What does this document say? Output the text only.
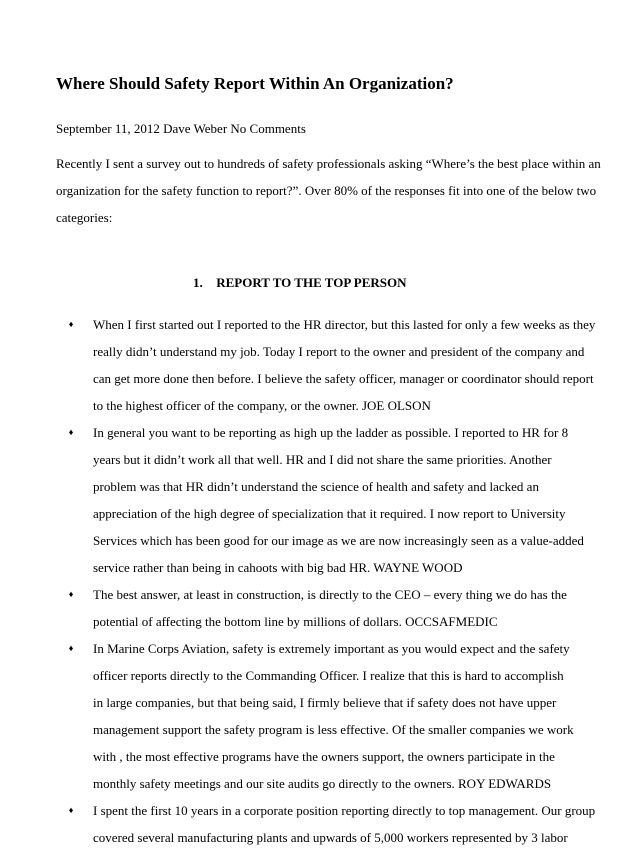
Where Should Safety Report Within An Organization?
September 11, 2012 Dave Weber No Comments
Recently I sent a survey out to hundreds of safety professionals asking “Where’s the best place within an
organization for the safety function to report?”. Over 80% of the responses fit into one of the below two
categories:
1. REPORT TO THE TOP PERSON
♦ When I first started out I reported to the HR director, but this lasted for only a few weeks as they
really didn’t understand my job. Today I report to the owner and president of the company and
can get more done then before. I believe the safety officer, manager or coordinator should report
to the highest officer of the company, or the owner. JOE OLSON
♦ In general you want to be reporting as high up the ladder as possible. I reported to HR for 8
years but it didn’t work all that well. HR and I did not share the same priorities. Another
problem was that HR didn’t understand the science of health and safety and lacked an
appreciation of the high degree of specialization that it required. I now report to University
Services which has been good for our image as we are now increasingly seen as a value-added
service rather than being in cahoots with big bad HR. WAYNE WOOD
♦ The best answer, at least in construction, is directly to the CEO – every thing we do has the
potential of affecting the bottom line by millions of dollars. OCCSAFMEDIC
♦ In Marine Corps Aviation, safety is extremely important as you would expect and the safety
officer reports directly to the Commanding Officer. I realize that this is hard to accomplish
in large companies, but that being said, I firmly believe that if safety does not have upper
management support the safety program is less effective. Of the smaller companies we work
with , the most effective programs have the owners support, the owners participate in the
monthly safety meetings and our site audits go directly to the owners. ROY EDWARDS
♦ I spent the first 10 years in a corporate position reporting directly to top management. Our group
covered several manufacturing plants and upwards of 5,000 workers represented by 3 labor
